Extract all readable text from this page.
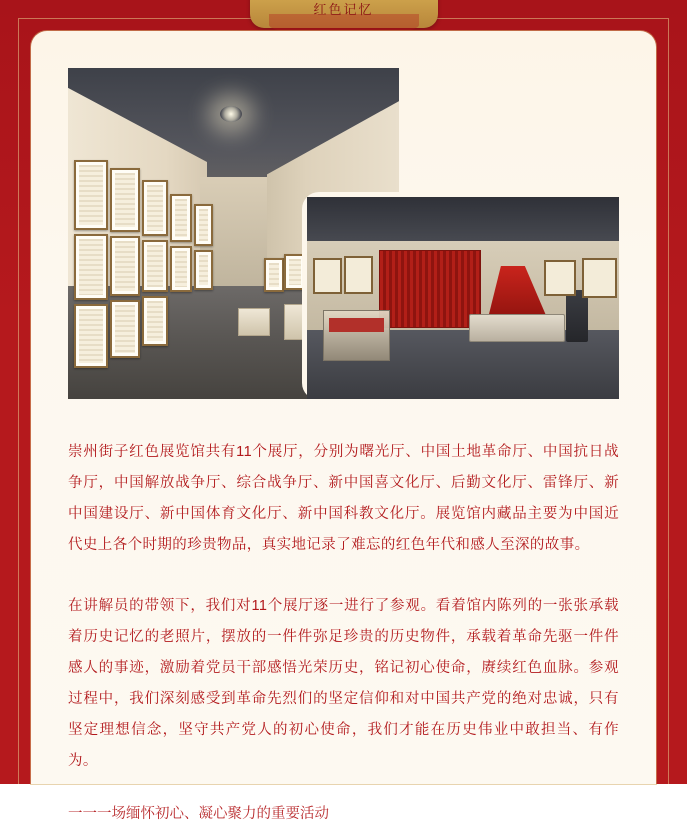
红色记忆

崇州街子红色展览馆共有11个展厅，分别为曙光厅、中国土地革命厅、中国抗日战争厅，中国解放战争厅、综合战争厅、新中国喜文化厅、后勤文化厅、雷锋厅、新中国建设厅、新中国体育文化厅、新中国科教文化厅。展览馆内藏品主要为中国近代史上各个时期的珍贵物品，真实地记录了难忘的红色年代和感人至深的故事。

在讲解员的带领下，我们对11个展厅逐一进行了参观。看着馆内陈列的一张张承载着历史记忆的老照片，摆放的一件件弥足珍贵的历史物件，承载着革命先驱一件件感人的事迹，激励着党员干部感悟光荣历史，铭记初心使命，赓续红色血脉。参观过程中，我们深刻感受到革命先烈们的坚定信仰和对中国共产党的绝对忠诚，只有坚定理想信念，坚守共产党人的初心使命，我们才能在历史伟业中敢担当、有作为。

一一一场缅怀初心、凝心聚力的重要活动
